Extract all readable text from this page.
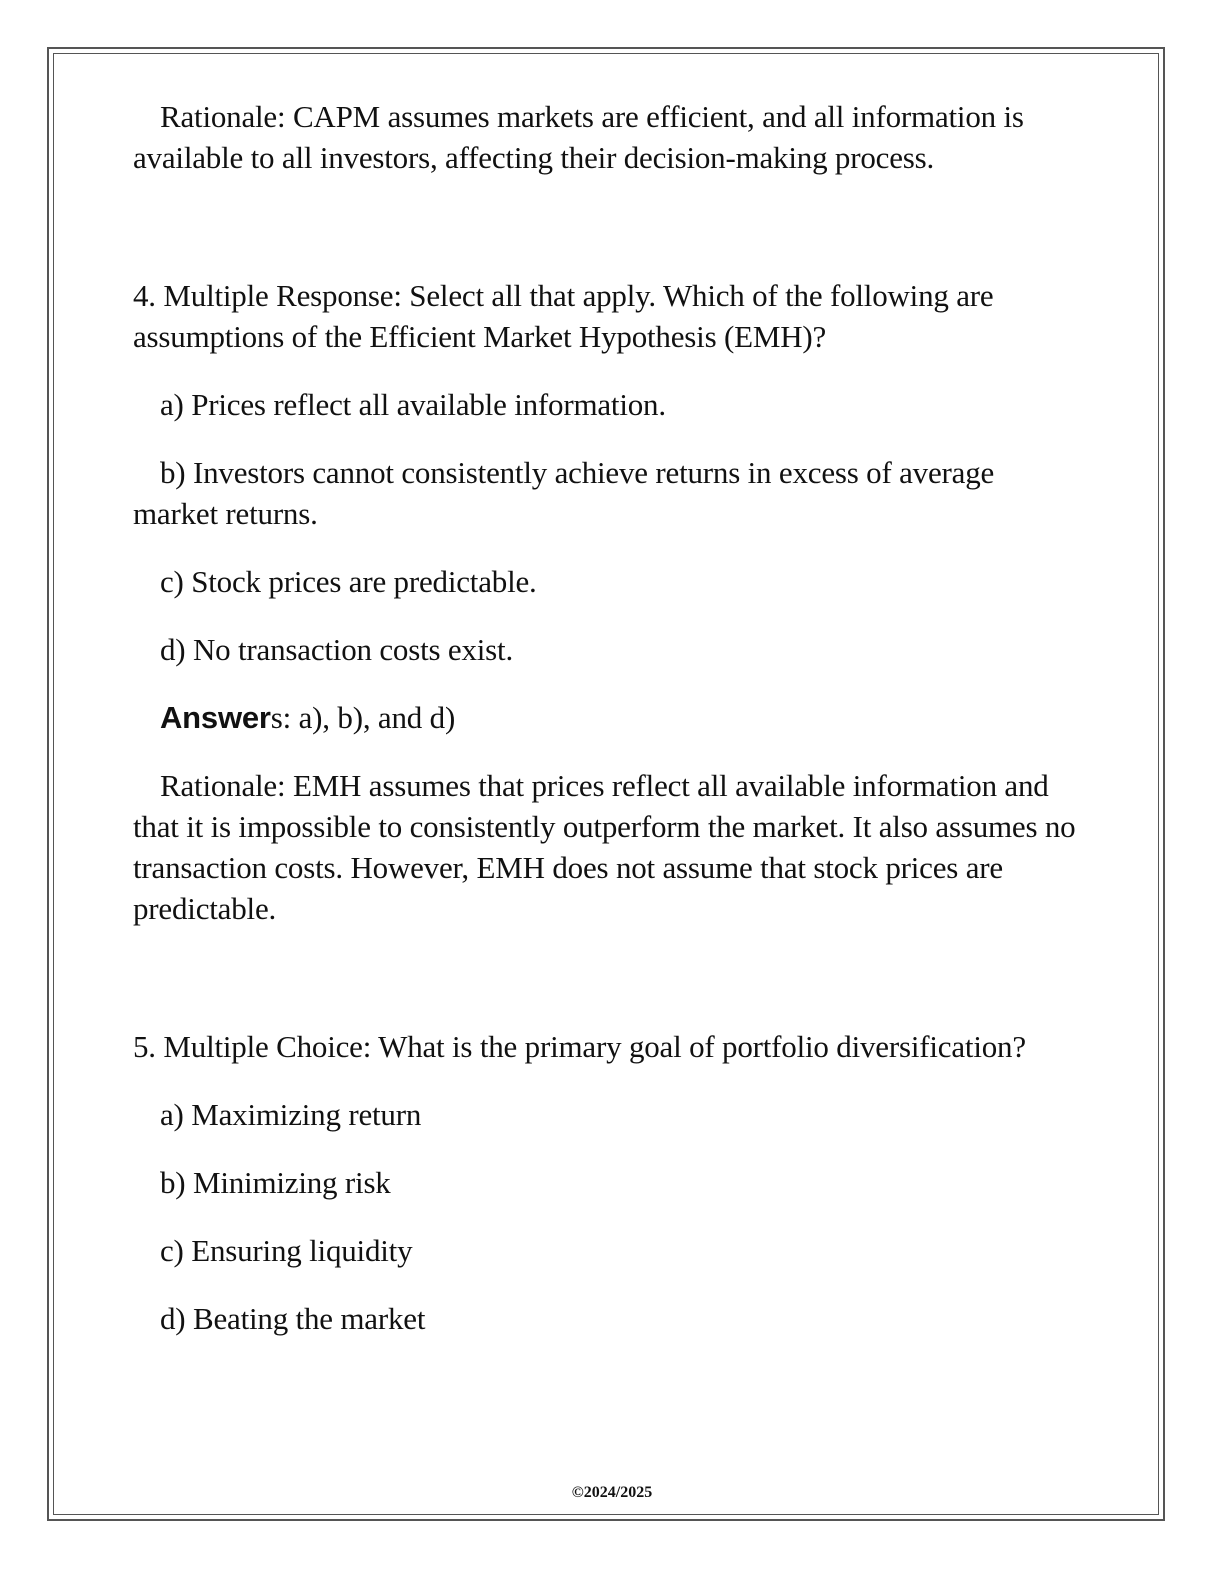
Rationale: CAPM assumes markets are efficient, and all information is available to all investors, affecting their decision-making process.

4. Multiple Response: Select all that apply. Which of the following are assumptions of the Efficient Market Hypothesis (EMH)?

a) Prices reflect all available information.

b) Investors cannot consistently achieve returns in excess of average market returns.

c) Stock prices are predictable.

d) No transaction costs exist.

Answers: a), b), and d)

Rationale: EMH assumes that prices reflect all available information and that it is impossible to consistently outperform the market. It also assumes no transaction costs. However, EMH does not assume that stock prices are predictable.

5. Multiple Choice: What is the primary goal of portfolio diversification?

a) Maximizing return

b) Minimizing risk

c) Ensuring liquidity

d) Beating the market

©2024/2025
